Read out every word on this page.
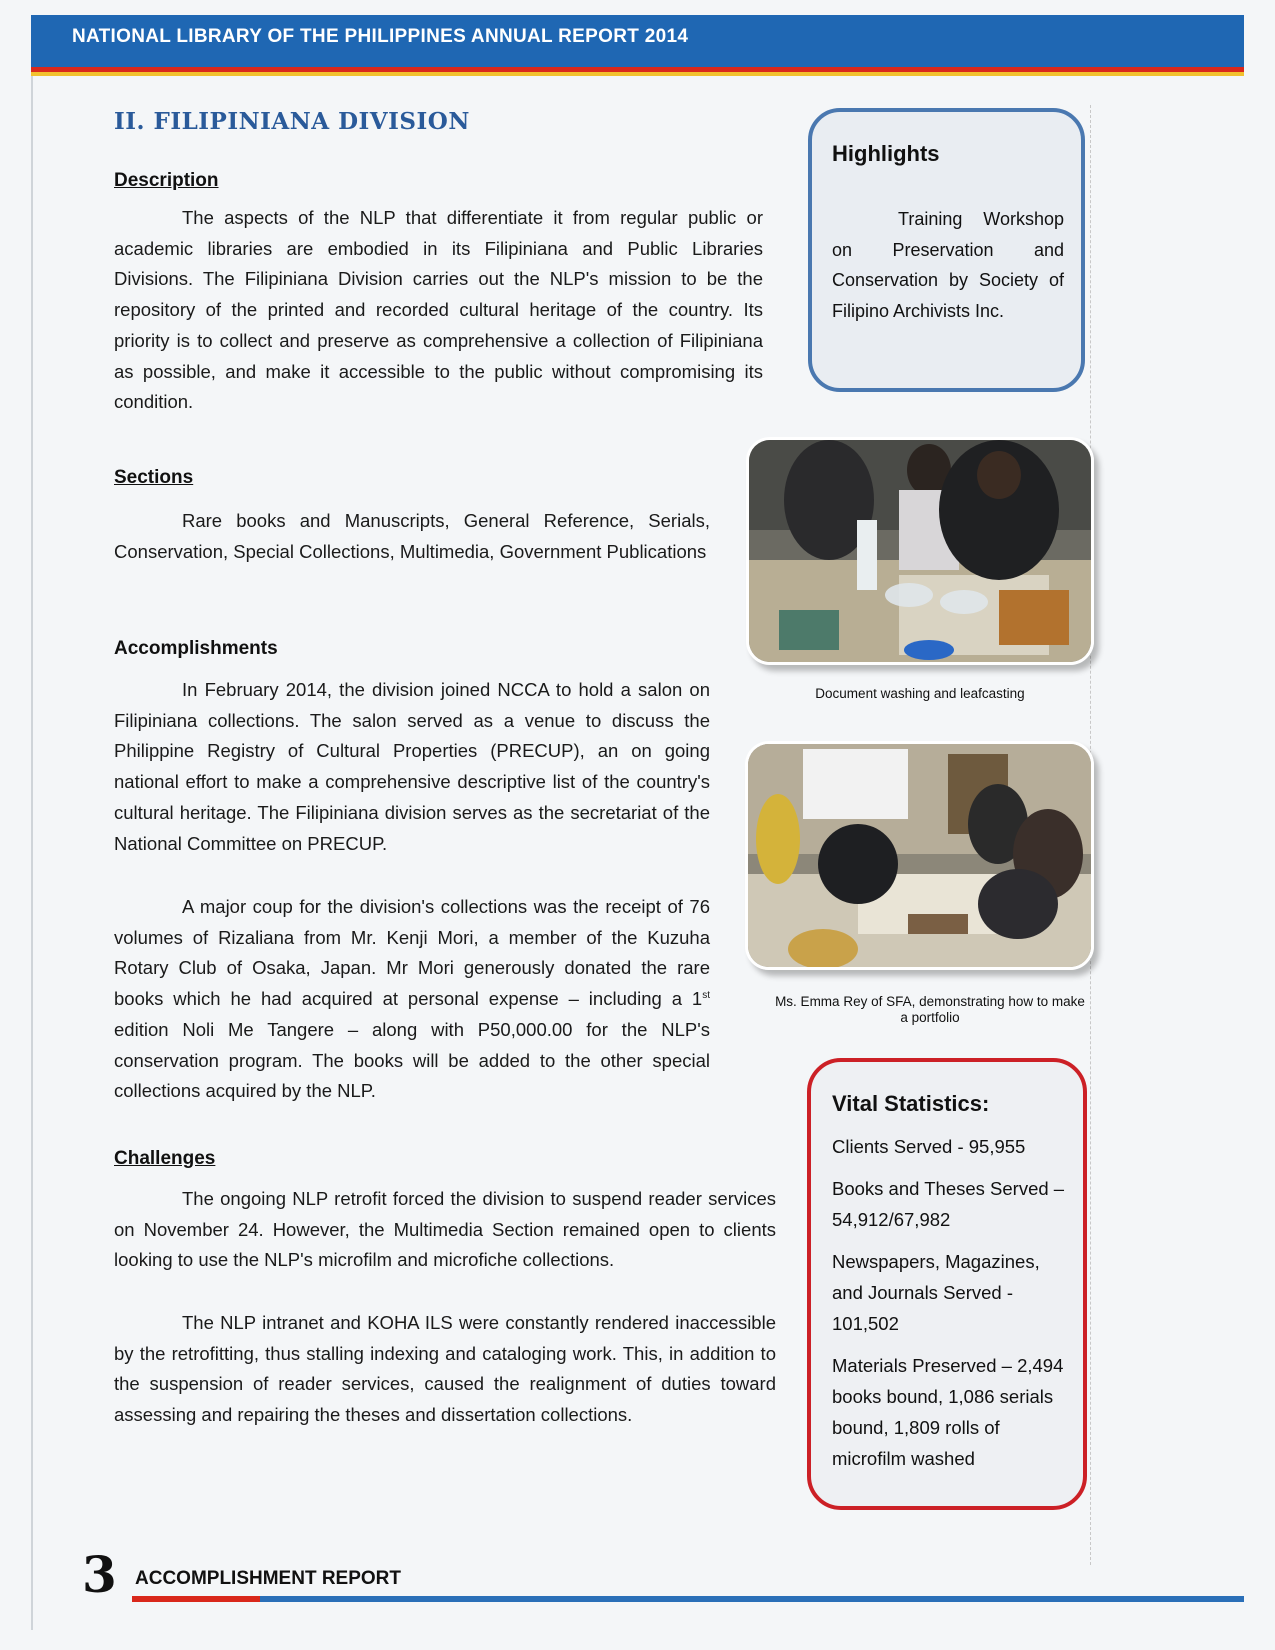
NATIONAL LIBRARY OF THE PHILIPPINES ANNUAL REPORT 2014
II. FILIPINIANA DIVISION
Description
The aspects of the NLP that differentiate it from regular public or academic libraries are embodied in its Filipiniana and Public Libraries Divisions. The Filipiniana Division carries out the NLP's mission to be the repository of the printed and recorded cultural heritage of the country. Its priority is to collect and preserve as comprehensive a collection of Filipiniana as possible, and make it accessible to the public without compromising its condition.
Sections
Rare books and Manuscripts, General Reference, Serials, Conservation, Special Collections, Multimedia, Government Publications
Accomplishments
In February 2014, the division joined NCCA to hold a salon on Filipiniana collections. The salon served as a venue to discuss the Philippine Registry of Cultural Properties (PRECUP), an on going national effort to make a comprehensive descriptive list of the country's cultural heritage. The Filipiniana division serves as the secretariat of the National Committee on PRECUP.
A major coup for the division's collections was the receipt of 76 volumes of Rizaliana from Mr. Kenji Mori, a member of the Kuzuha Rotary Club of Osaka, Japan. Mr Mori generously donated the rare books which he had acquired at personal expense – including a 1st edition Noli Me Tangere – along with P50,000.00 for the NLP's conservation program. The books will be added to the other special collections acquired by the NLP.
Challenges
The ongoing NLP retrofit forced the division to suspend reader services on November 24. However, the Multimedia Section remained open to clients looking to use the NLP's microfilm and microfiche collections.
The NLP intranet and KOHA ILS were constantly rendered inaccessible by the retrofitting, thus stalling indexing and cataloging work. This, in addition to the suspension of reader services, caused the realignment of duties toward assessing and repairing the theses and dissertation collections.
Highlights
Training Workshop on Preservation and Conservation by Society of Filipino Archivists Inc.
Document washing and leafcasting
Ms. Emma Rey of SFA, demonstrating how to make a portfolio
Vital Statistics:
Clients Served - 95,955
Books and Theses Served – 54,912/67,982
Newspapers, Magazines, and Journals Served - 101,502
Materials Preserved – 2,494 books bound, 1,086 serials bound, 1,809 rolls of microfilm washed
3 ACCOMPLISHMENT REPORT
